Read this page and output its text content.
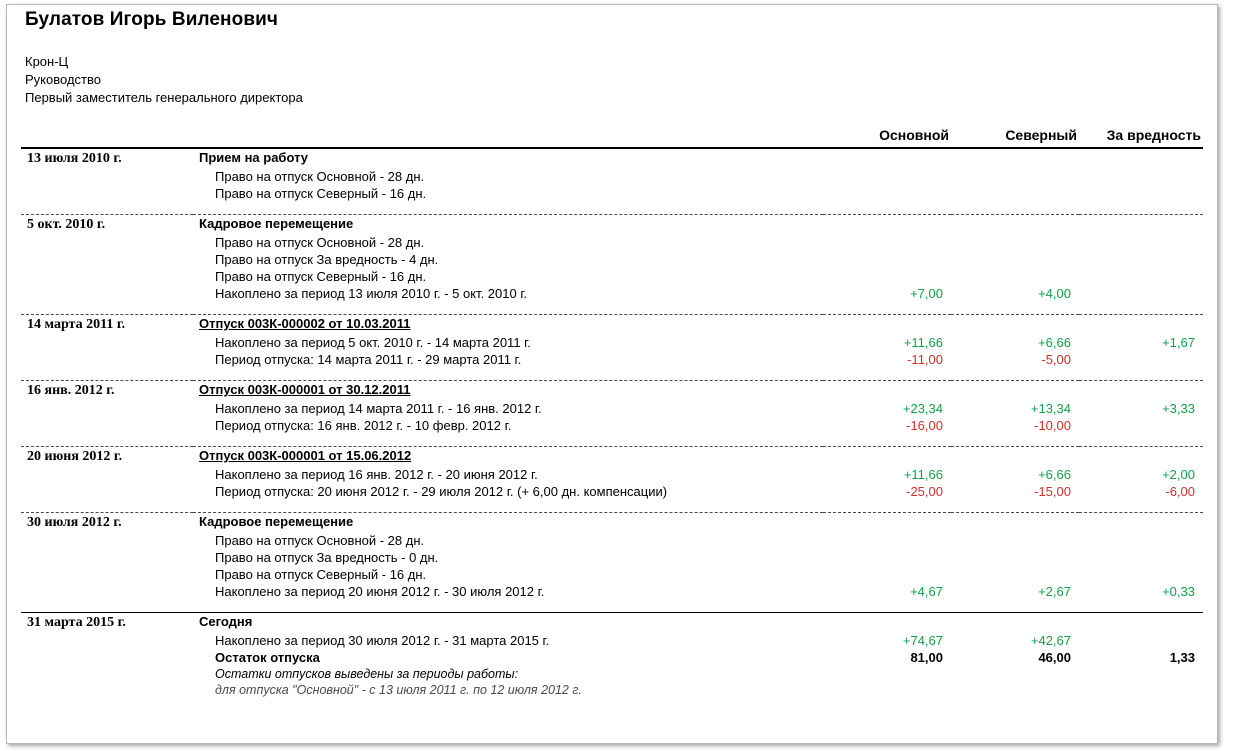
Булатов Игорь Виленович
Крон-Ц
Руководство
Первый заместитель генерального директора
		Основной	Северный	За вредность
13 июля 2010 г.	Прием на работу			
	Право на отпуск Основной - 28 дн.			
	Право на отпуск Северный - 16 дн.			

5 окт. 2010 г.	Кадровое перемещение			
	Право на отпуск Основной - 28 дн.			
	Право на отпуск За вредность - 4 дн.			
	Право на отпуск Северный - 16 дн.			
	Накоплено за период 13 июля 2010 г. - 5 окт. 2010 г.	+7,00	+4,00	

14 марта 2011 г.	Отпуск 003К-000002 от 10.03.2011			
	Накоплено за период 5 окт. 2010 г. - 14 марта 2011 г.	+11,66	+6,66	+1,67
	Период отпуска: 14 марта 2011 г. - 29 марта 2011 г.	-11,00	-5,00	

16 янв. 2012 г.	Отпуск 003К-000001 от 30.12.2011			
	Накоплено за период 14 марта 2011 г. - 16 янв. 2012 г.	+23,34	+13,34	+3,33
	Период отпуска: 16 янв. 2012 г. - 10 февр. 2012 г.	-16,00	-10,00	

20 июня 2012 г.	Отпуск 003К-000001 от 15.06.2012			
	Накоплено за период 16 янв. 2012 г. - 20 июня 2012 г.	+11,66	+6,66	+2,00
	Период отпуска: 20 июня 2012 г. - 29 июля 2012 г. (+ 6,00 дн. компенсации)	-25,00	-15,00	-6,00

30 июля 2012 г.	Кадровое перемещение			
	Право на отпуск Основной - 28 дн.			
	Право на отпуск За вредность - 0 дн.			
	Право на отпуск Северный - 16 дн.			
	Накоплено за период 20 июня 2012 г. - 30 июля 2012 г.	+4,67	+2,67	+0,33

31 марта 2015 г.	Сегодня			
	Накоплено за период 30 июля 2012 г. - 31 марта 2015 г.	+74,67	+42,67	
	Остаток отпуска	81,00	46,00	1,33
	Остатки отпусков выведены за периоды работы:			
	для отпуска "Основной" - с 13 июля 2011 г. по 12 июля 2012 г.			
